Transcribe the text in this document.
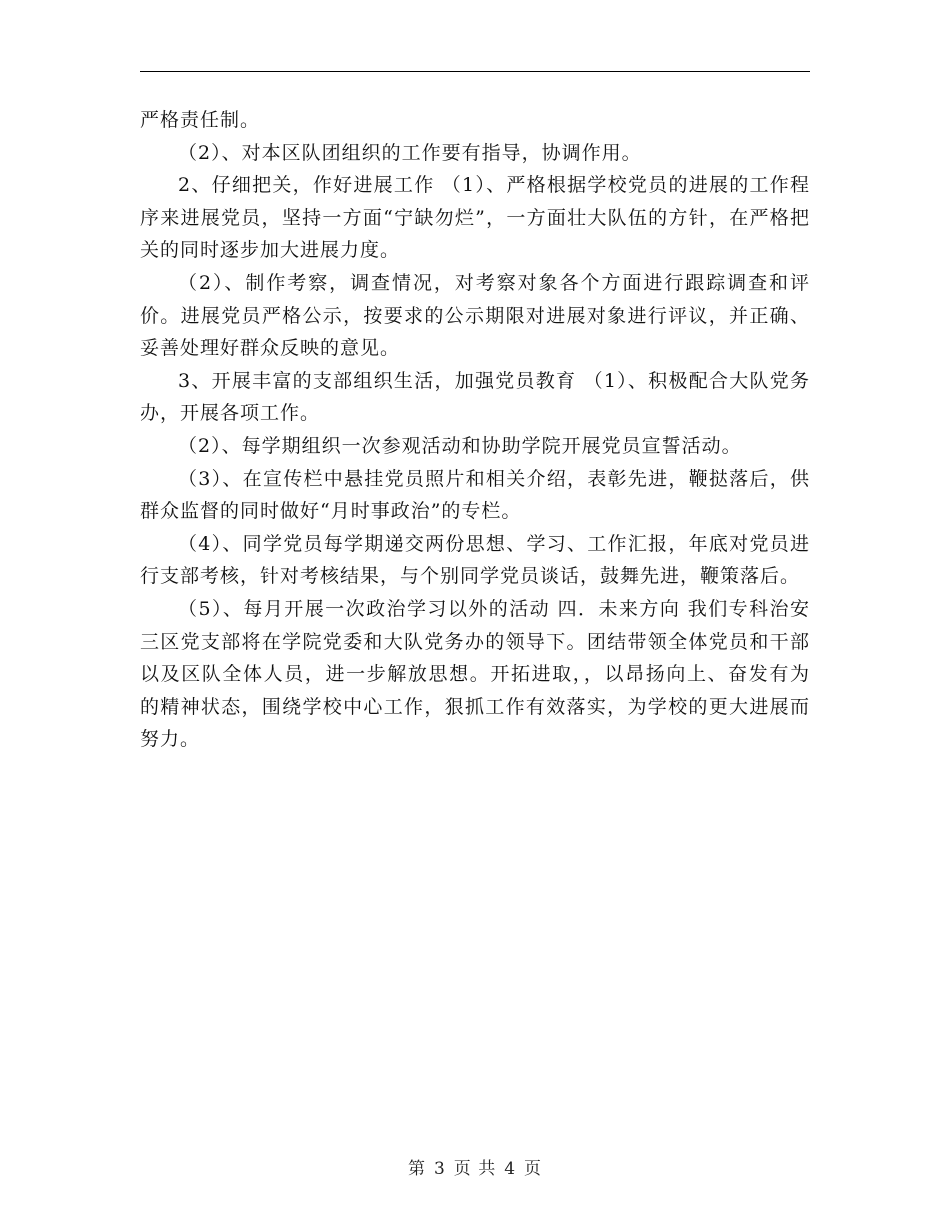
严格责任制。

（2）、对本区队团组织的工作要有指导，协调作用。

2、仔细把关，作好进展工作 （1）、严格根据学校党员的进展的工作程序来进展党员，坚持一方面“宁缺勿烂”，一方面壮大队伍的方针，在严格把关的同时逐步加大进展力度。

（2）、制作考察，调查情况，对考察对象各个方面进行跟踪调查和评价。进展党员严格公示，按要求的公示期限对进展对象进行评议，并正确、妥善处理好群众反映的意见。

3、开展丰富的支部组织生活，加强党员教育 （1）、积极配合大队党务办，开展各项工作。

（2）、每学期组织一次参观活动和协助学院开展党员宣誓活动。

（3）、在宣传栏中悬挂党员照片和相关介绍，表彰先进，鞭挞落后，供群众监督的同时做好“月时事政治”的专栏。

（4）、同学党员每学期递交两份思想、学习、工作汇报，年底对党员进行支部考核，针对考核结果，与个别同学党员谈话，鼓舞先进，鞭策落后。

（5）、每月开展一次政治学习以外的活动 四．未来方向 我们专科治安三区党支部将在学院党委和大队党务办的领导下。团结带领全体党员和干部以及区队全体人员，进一步解放思想。开拓进取，，以昂扬向上、奋发有为的精神状态，围绕学校中心工作，狠抓工作有效落实，为学校的更大进展而努力。

第 3 页 共 4 页
